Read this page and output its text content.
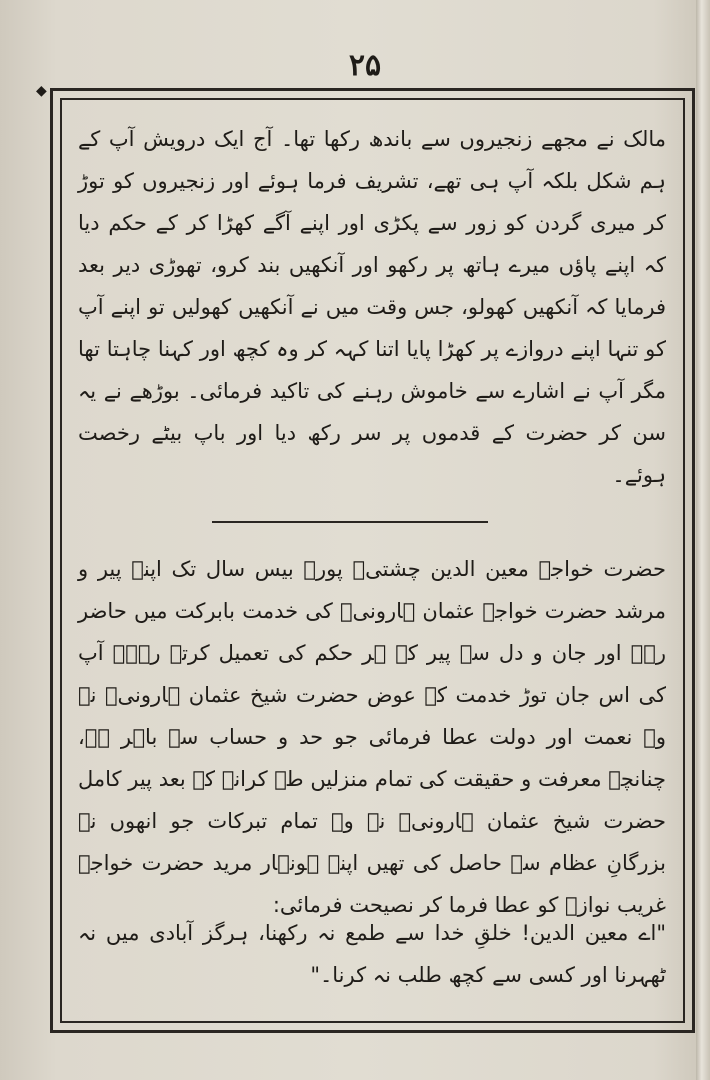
۲۵
◆

مالک نے مجھے زنجیروں سے باندھ رکھا تھا۔ آج ایک درویش آپ کے ہم شکل بلکہ آپ ہی تھے، تشریف فرما ہوئے اور زنجیروں کو توڑ کر میری گردن کو زور سے پکڑی اور اپنے آگے کھڑا کر کے حکم دیا کہ اپنے پاؤں میرے ہاتھ پر رکھو اور آنکھیں بند کرو، تھوڑی دیر بعد فرمایا کہ آنکھیں کھولو، جس وقت میں نے آنکھیں کھولیں تو اپنے آپ کو تنہا اپنے دروازے پر کھڑا پایا اتنا کہہ کر وہ کچھ اور کہنا چاہتا تھا مگر آپ نے اشارے سے خاموش رہنے کی تاکید فرمائی۔ بوڑھے نے یہ سن کر حضرت کے قدموں پر سر رکھ دیا اور باپ بیٹے رخصت ہوئے۔

حضرت خواجہ معین الدین چشتیؒ پورے بیس سال تک اپنے پیر و مرشد حضرت خواجہ عثمان ہارونیؒ کی خدمت بابرکت میں حاضر رہے اور جان و دل سے پیر کے ہر حکم کی تعمیل کرتے رہے۔ آپ کی اس جان توڑ خدمت کے عوض حضرت شیخ عثمان ہارونیؒ نے وہ نعمت اور دولت عطا فرمائی جو حد و حساب سے باہر ہے، چنانچہ معرفت و حقیقت کی تمام منزلیں طے کرانے کے بعد پیر کامل حضرت شیخ عثمان ہارونیؒ نے وہ تمام تبرکات جو انھوں نے بزرگانِ عظام سے حاصل کی تھیں اپنے ہونہار مرید حضرت خواجہ غریب نوازؒ کو عطا فرما کر نصیحت فرمائی:

"اے معین الدین! خلقِ خدا سے طمع نہ رکھنا، ہرگز آبادی میں نہ ٹھہرنا اور کسی سے کچھ طلب نہ کرنا۔"
